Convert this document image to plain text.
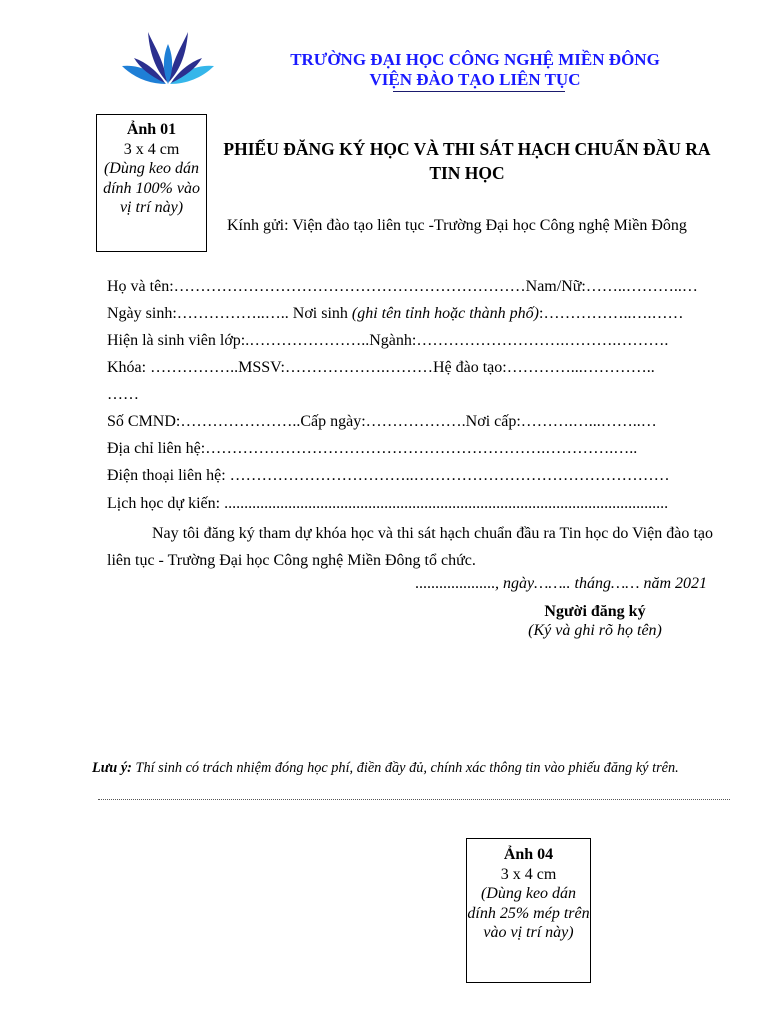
TRƯỜNG ĐẠI HỌC CÔNG NGHỆ MIỀN ĐÔNG
VIỆN ĐÀO TẠO LIÊN TỤC
Ảnh 01
3 x 4 cm
(Dùng keo dán dính 100% vào vị trí này)
PHIẾU ĐĂNG KÝ HỌC VÀ THI SÁT HẠCH CHUẨN ĐẦU RA TIN HỌC
Kính gửi: Viện đào tạo liên tục -Trường Đại học Công nghệ Miền Đông
Họ và tên:…………………………………………………………Nam/Nữ:……..………..…
Ngày sinh:……………..….. Nơi sinh (ghi tên tỉnh hoặc thành phố):……………..….……
Hiện là sinh viên lớp:.…………………..Ngành:……………………….……….……….
Khóa: ……………..MSSV:……………….………Hệ đào tạo:…………...…………..
……
Số CMND:…………………..Cấp ngày:……………….Nơi cấp:……….…...……..…
Địa chỉ liên hệ:……………………………………………………….………….…..
Điện thoại liên hệ: ……………………………..…………………………………………
Lịch học dự kiến: ...............................................................................................................
Nay tôi đăng ký tham dự khóa học và thi sát hạch chuẩn đầu ra Tin học do Viện đào tạo liên tục - Trường Đại học Công nghệ Miền Đông tổ chức.
...................., ngày…….. tháng…… năm 2021
Người đăng ký
(Ký và ghi rõ họ tên)
Lưu ý: Thí sinh có trách nhiệm đóng học phí, điền đầy đủ, chính xác thông tin vào phiếu đăng ký trên.
Ảnh 04
3 x 4 cm
(Dùng keo dán dính 25% mép trên vào vị trí này)
